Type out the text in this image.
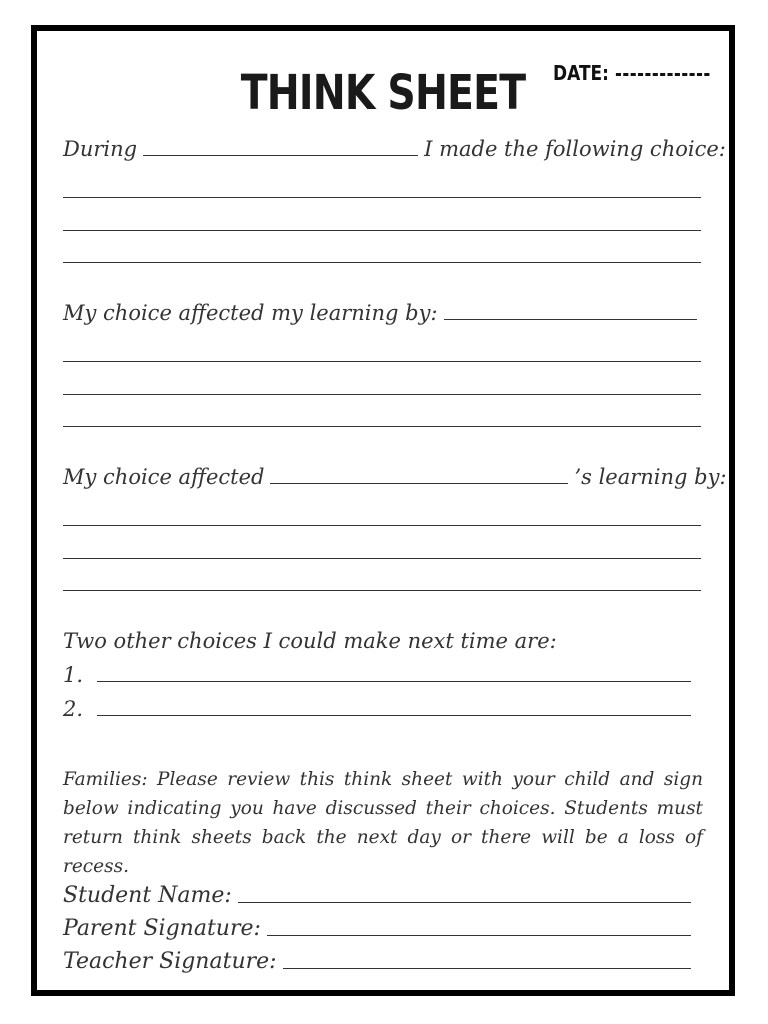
THINK SHEET	DATE:
During	I made the following choice:
My choice affected my learning by:
My choice affected	’s learning by:
Two other choices I could make next time are:
1.
2.
Families: Please review this think sheet with your child and sign below indicating you have discussed their choices. Students must return think sheets back the next day or there will be a loss of recess.
Student Name:
Parent Signature:
Teacher Signature:
